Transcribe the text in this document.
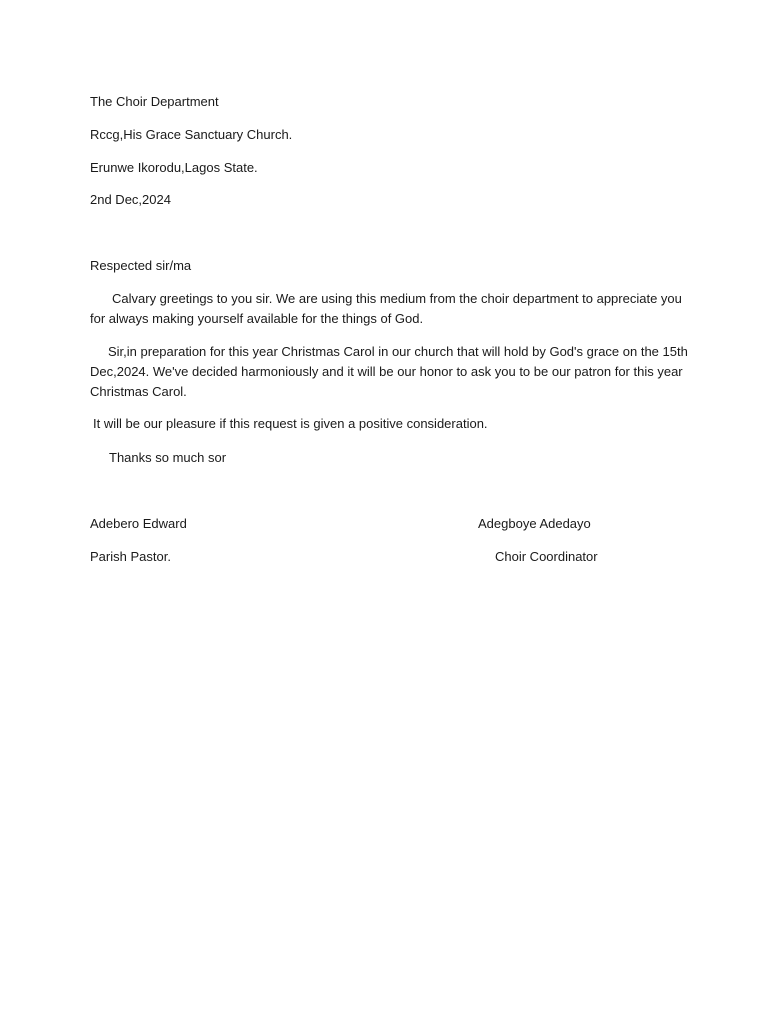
The Choir Department
Rccg,His Grace Sanctuary Church.
Erunwe Ikorodu,Lagos State.
2nd Dec,2024
Respected sir/ma
Calvary greetings to you sir. We are using this medium from the choir department to appreciate you for always making yourself available for the things of God.
Sir,in preparation for this year Christmas Carol in our church that will hold by God's grace on the 15th Dec,2024. We've decided harmoniously and it will be our honor to ask you to be our patron for this year Christmas Carol.
It will be our pleasure if this request is given a positive consideration.
Thanks so much sor
Adebero Edward
Parish Pastor.
Adegboye Adedayo
Choir Coordinator
